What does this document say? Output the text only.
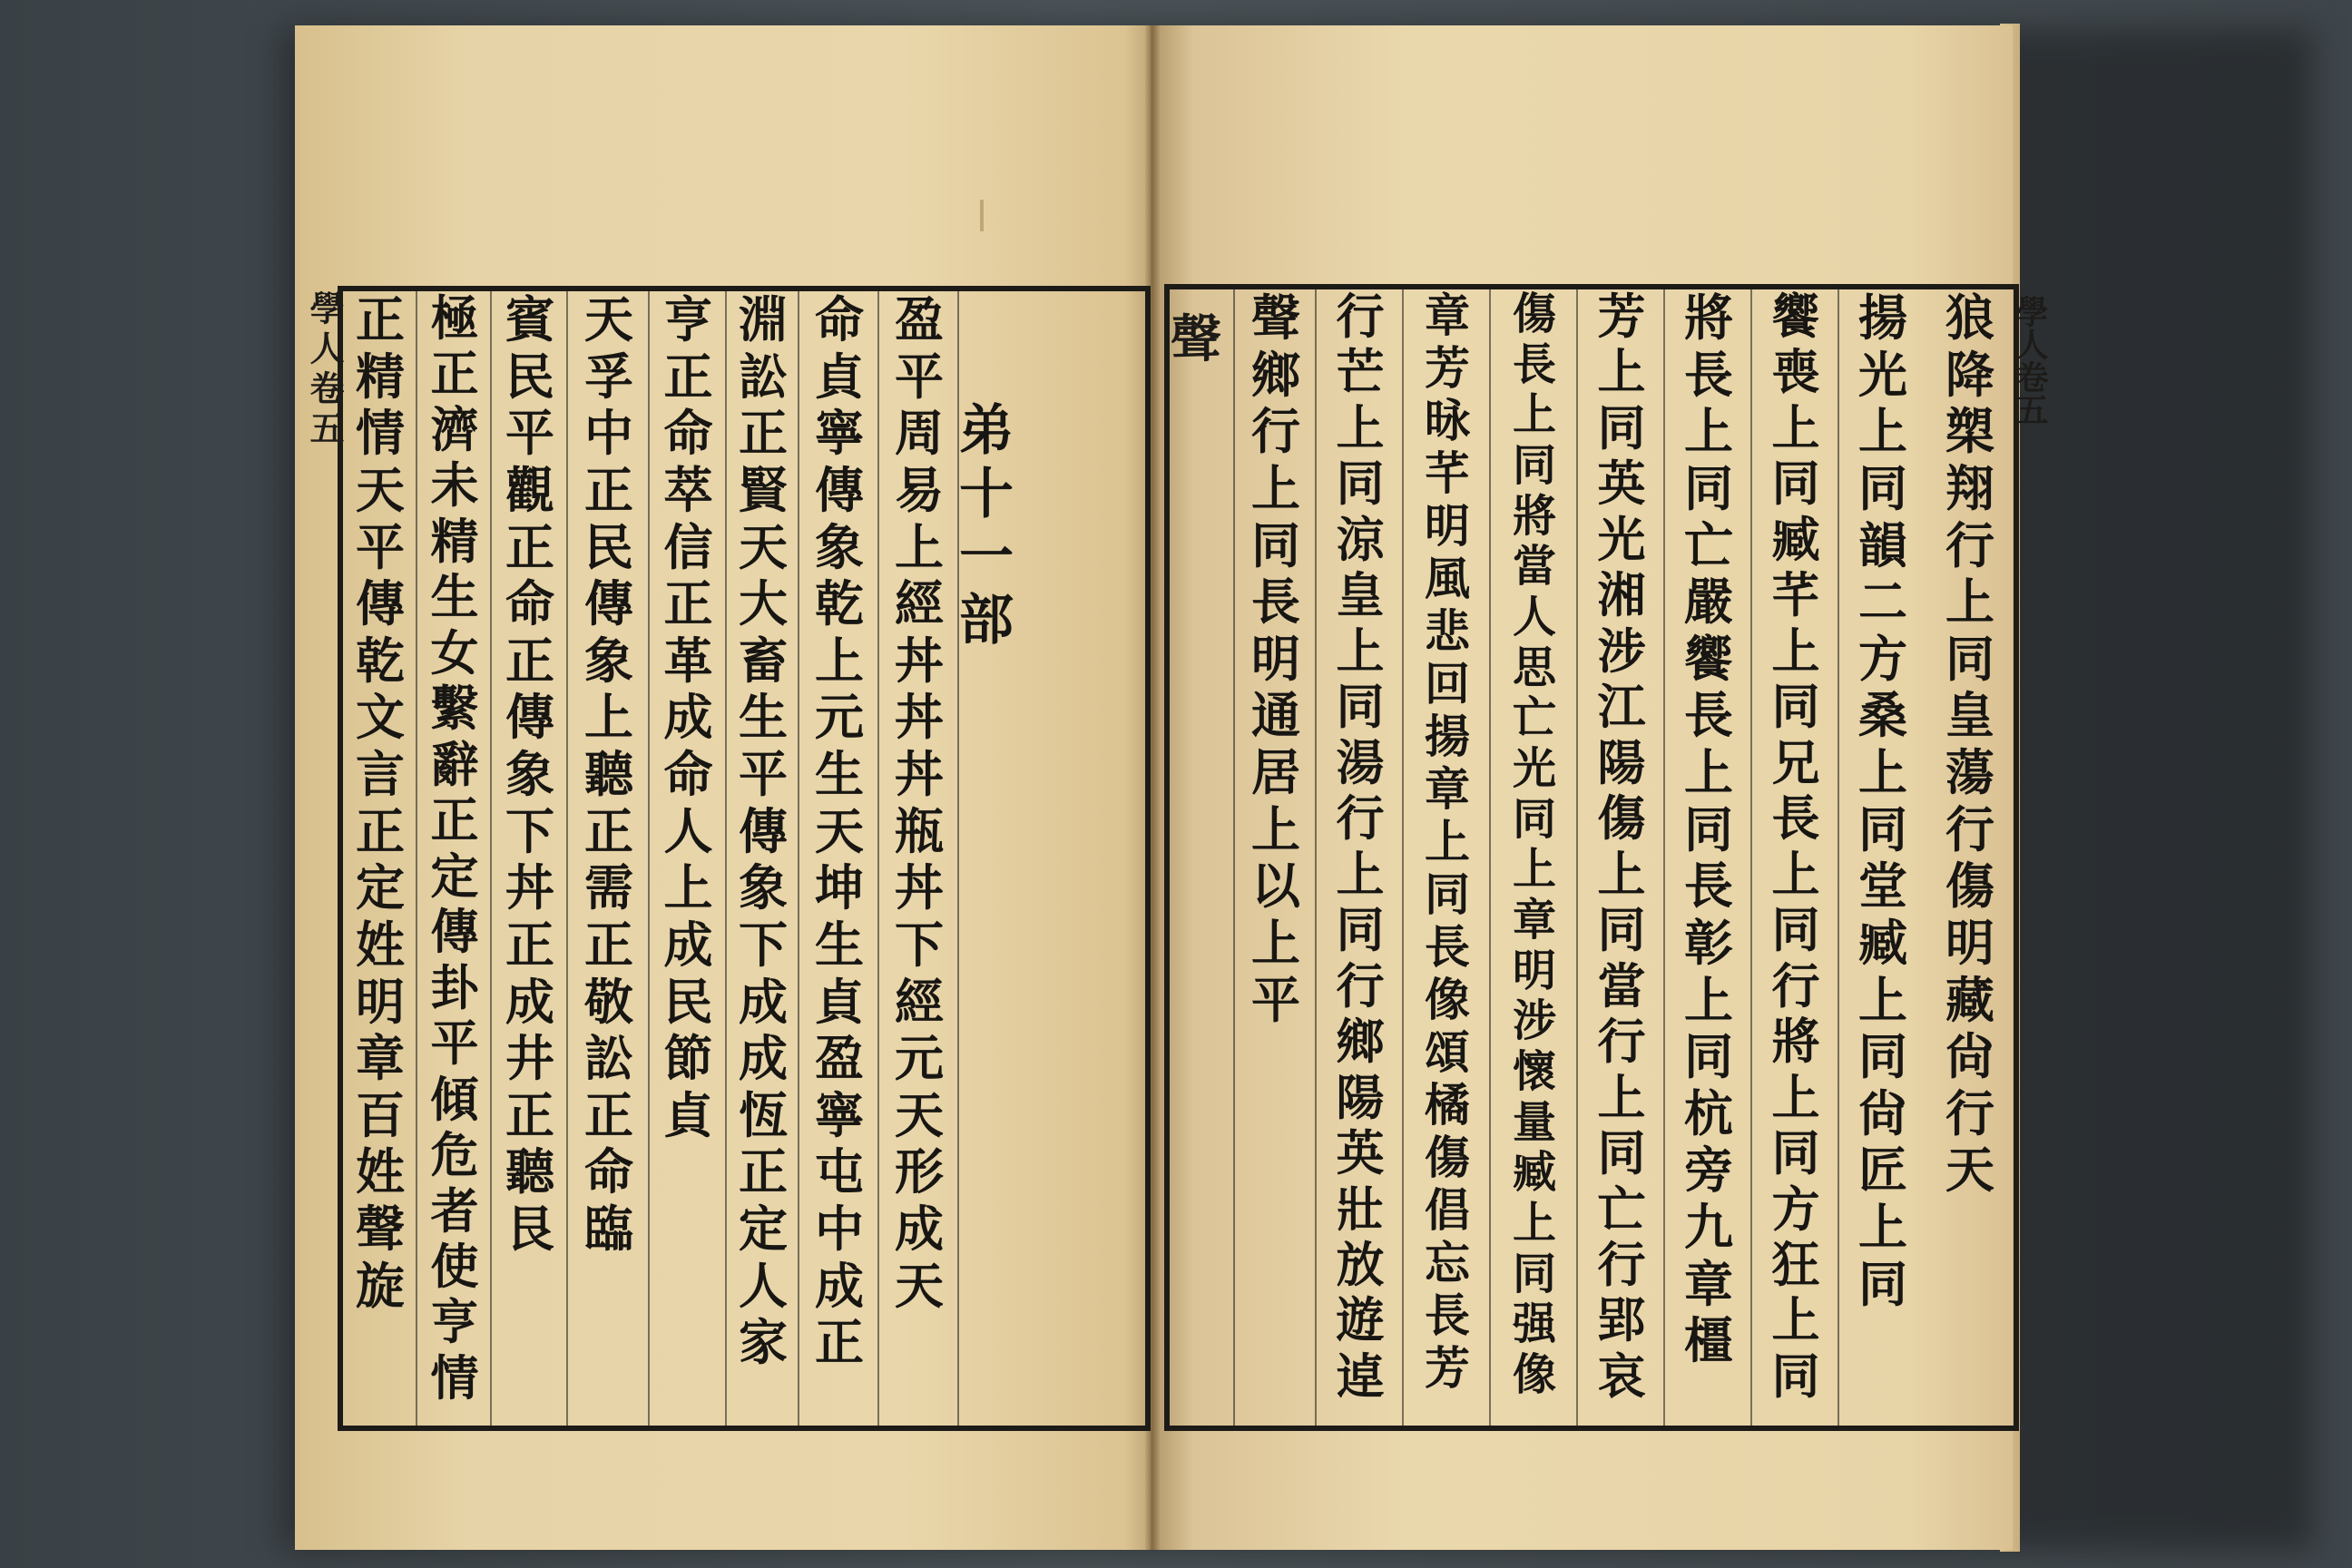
弟十一部
盈
平
周
易
上
經
丼
丼
丼
瓶
丼
下
經
元
天
形
成
天
命
貞
寧
傳
象
乾
上
元
生
天
坤
生
貞
盈
寧
屯
中
成
正
淵
訟
正
賢
天
大
畜
生
平
傳
象
下
成
成
恆
正
定
人
家
亨
正
命
萃
信
正
革
成
命
人
上
成
民
節
貞
天
孚
中
正
民
傳
象
上
聽
正
需
正
敬
訟
正
命
臨
賓
民
平
觀
正
命
正
傳
象
下
丼
正
成
井
正
聽
艮
極
正
濟
未
精
生
女
繫
辭
正
定
傳
卦
平
傾
危
者
使
亨
情
正
精
情
天
平
傳
乾
文
言
正
定
姓
明
章
百
姓
聲
旋
狼
降
槊
翔
行
上
同
皇
蕩
行
傷
明
藏
尙
行
天
揚
光
上
同
韻
二
方
桑
上
同
堂
臧
上
同
尙
匠
上
同
饗
喪
上
同
臧
芊
上
同
兄
長
上
同
行
將
上
同
方
狂
上
同
將
長
上
同
亡
嚴
饗
長
上
同
長
彰
上
同
杭
旁
九
章
橿
芳
上
同
英
光
湘
涉
江
陽
傷
上
同
當
行
上
同
亡
行
郢
哀
傷
長
上
同
將
當
人
思
亡
光
同
上
章
明
涉
懷
量
臧
上
同
强
像
章
芳
昹
芊
明
風
悲
回
揚
章
上
同
長
像
頌
橘
傷
倡
忘
長
芳
行
芒
上
同
涼
皇
上
同
湯
行
上
同
行
鄉
陽
英
壯
放
遊
逴
聲
鄉
行
上
同
長
明
通
居
上
以
上
平
學人卷五	學人卷五
聲
